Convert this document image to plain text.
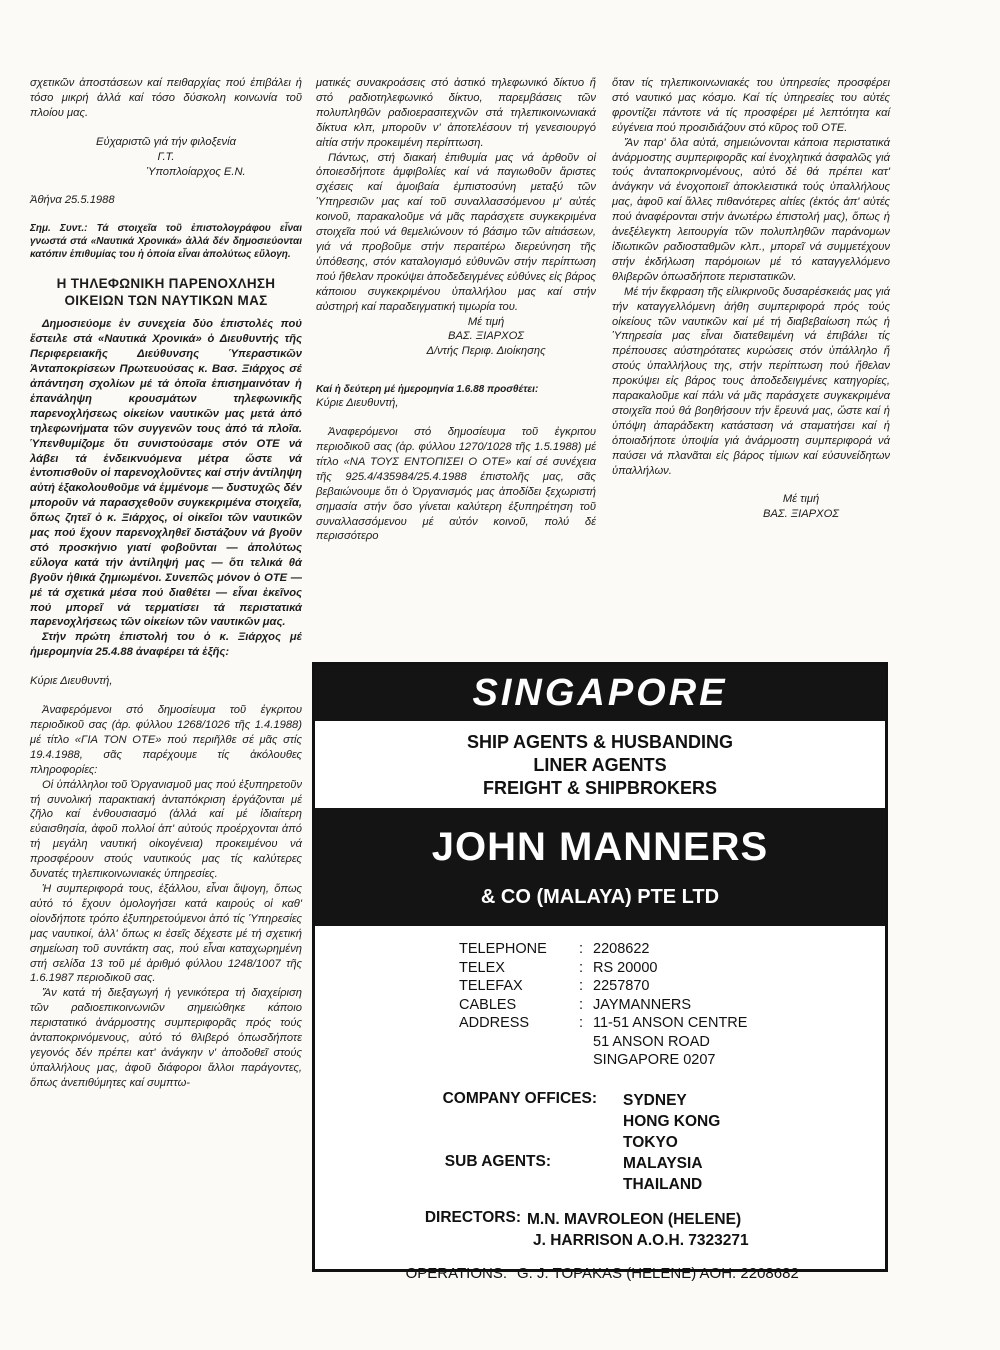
σχετικῶν ἀποστάσεων καί πειθαρχίας πού ἐπιβάλει ἡ τόσο μικρή ἀλλά καί τόσο δύσκολη κοινωνία τοῦ πλοίου μας.

Εὐχαριστῶ γιά τήν φιλοξενία

Γ.Τ.

Ὑποπλοίαρχος Ε.Ν.

Ἀθήνα 25.5.1988

Σημ. Συντ.: Τά στοιχεῖα τοῦ ἐπιστολογράφου εἶναι γνωστά στά «Ναυτικά Χρονικά» ἀλλά δέν δημοσιεύονται κατόπιν ἐπιθυμίας του ἡ ὁποία εἶναι ἀπολύτως εὔλογη.

Η ΤΗΛΕΦΩΝΙΚΗ ΠΑΡΕΝΟΧΛΗΣΗ ΟΙΚΕΙΩΝ ΤΩΝ ΝΑΥΤΙΚΩΝ ΜΑΣ

Δημοσιεύομε ἐν συνεχεία δύο ἐπιστολές πού ἔστειλε στά «Ναυτικά Χρονικά» ὁ Διευθυντής τῆς Περιφερειακῆς Διεύθυνσης Ὑπεραστικῶν Ἀνταποκρίσεων Πρωτευούσας κ. Βασ. Ξιάρχος σέ ἀπάντηση σχολίων μέ τά ὁποῖα ἐπισημαινόταν ἡ ἐπανάληψη κρουσμάτων τηλεφωνικῆς παρενοχλήσεως οἰκείων ναυτικῶν μας μετά ἀπό τηλεφωνήματα τῶν συγγενῶν τους ἀπό τά πλοῖα. Ὑπενθυμίζομε ὅτι συνιστούσαμε στόν ΟΤΕ νά λάβει τά ἐνδεικνυόμενα μέτρα ὥστε νά ἐντοπισθοῦν οἱ παρενοχλοῦντες καί στήν ἀντίληψη αὐτή ἐξακολουθοῦμε νά ἐμμένομε — δυστυχῶς δέν μποροῦν νά παρασχεθοῦν συγκεκριμένα στοιχεῖα, ὅπως ζητεῖ ὁ κ. Ξιάρχος, οἱ οἰκεῖοι τῶν ναυτικῶν μας πού ἔχουν παρενοχληθεῖ διστάζουν νά βγοῦν στό προσκήνιο γιατί φοβοῦνται — ἀπολύτως εὔλογα κατά τήν ἀντίληψή μας — ὅτι τελικά θά βγοῦν ἠθικά ζημιωμένοι. Συνεπῶς μόνον ὁ ΟΤΕ — μέ τά σχετικά μέσα πού διαθέτει — εἶναι ἐκεῖνος πού μπορεῖ νά τερματίσει τά περιστατικά παρενοχλήσεως τῶν οἰκείων τῶν ναυτικῶν μας.

Στήν πρώτη ἐπιστολή του ὁ κ. Ξιάρχος μέ ἡμερομηνία 25.4.88 ἀναφέρει τά ἑξῆς:

Κύριε Διευθυντή,

Ἀναφερόμενοι στό δημοσίευμα τοῦ ἐγκριτου περιοδικοῦ σας (ἀρ. φύλλου 1268/1026 τῆς 1.4.1988) μέ τίτλο «ΓΙΑ ΤΟΝ ΟΤΕ» πού περιῆλθε σέ μᾶς στίς 19.4.1988, σᾶς παρέχουμε τίς ἀκόλουθες πληροφορίες:

Οἱ ὑπάλληλοι τοῦ Ὀργανισμοῦ μας πού ἐξυπηρετοῦν τή συνολική παρακτιακή ἀνταπόκριση ἐργάζονται μέ ζῆλο καί ἐνθουσιασμό (ἀλλά καί μέ ἰδιαίτερη εὐαισθησία, ἀφοῦ πολλοί ἀπ' αὐτούς προέρχονται ἀπό τή μεγάλη ναυτική οἰκογένεια) προκειμένου νά προσφέρουν στούς ναυτικούς μας τίς καλύτερες δυνατές τηλεπικοινωνιακές ὑπηρεσίες.

Ἡ συμπεριφορά τους, ἐξάλλου, εἶναι ἄψογη, ὅπως αὐτό τό ἔχουν ὁμολογήσει κατά καιρούς οἱ καθ' οἱονδήποτε τρόπο ἐξυπηρετούμενοι ἀπό τίς Ὑπηρεσίες μας ναυτικοί, ἀλλ' ὅπως κι ἐσεῖς δέχεστε μέ τή σχετική σημείωση τοῦ συντάκτη σας, πού εἶναι καταχωρημένη στή σελίδα 13 τοῦ μέ ἀριθμό φύλλου 1248/1007 τῆς 1.6.1987 περιοδικοῦ σας.

Ἄν κατά τή διεξαγωγή ἡ γενικότερα τή διαχείριση τῶν ραδιοεπικοινωνιῶν σημειώθηκε κάποιο περιστατικό ἀνάρμοστης συμπεριφορᾶς πρός τούς ἀνταποκρινόμενους, αὐτό τό θλιβερό ὁπωσδήποτε γεγονός δέν πρέπει κατ' ἀνάγκην ν' ἀποδοθεῖ στούς ὑπαλλήλους μας, ἀφοῦ διάφοροι ἄλλοι παράγοντες, ὅπως ἀνεπιθύμητες καί συμπτω-

ματικές συνακροάσεις στό ἀστικό τηλεφωνικό δίκτυο ἤ στό ραδιοτηλεφωνικό δίκτυο, παρεμβάσεις τῶν πολυπληθῶν ραδιοερασιτεχνῶν στά τηλεπικοινωνιακά δίκτυα κλπ, μποροῦν ν' ἀποτελέσουν τή γενεσιουργό αἰτία στήν προκειμένη περίπτωση.

Πάντως, στή διακαή ἐπιθυμία μας νά ἀρθοῦν οἱ ὁποιεσδήποτε ἀμφιβολίες καί νά παγιωθοῦν ἄριστες σχέσεις καί ἀμοιβαία ἐμπιστοσύνη μεταξύ τῶν Ὑπηρεσιῶν μας καί τοῦ συναλλασσόμενου μ' αὐτές κοινοῦ, παρακαλοῦμε νά μᾶς παράσχετε συγκεκριμένα στοιχεῖα πού νά θεμελιώνουν τό βάσιμο τῶν αἰτιάσεων, γιά νά προβοῦμε στήν περαιτέρω διερεύνηση τῆς ὑπόθεσης, στόν καταλογισμό εὐθυνῶν στήν περίπτωση πού ἤθελαν προκύψει ἀποδεδειγμένες εὐθύνες εἰς βάρος κάποιου συγκεκριμένου ὑπαλλήλου μας καί στήν αὐστηρή καί παραδειγματική τιμωρία του.

Μέ τιμή

ΒΑΣ. ΞΙΑΡΧΟΣ

Δ/ντής Περιφ. Διοίκησης

Καί ἡ δεύτερη μέ ἡμερομηνία 1.6.88 προσθέτει:

Κύριε Διευθυντή,

Ἀναφερόμενοι στό δημοσίευμα τοῦ ἐγκριτου περιοδικοῦ σας (ἀρ. φύλλου 1270/1028 τῆς 1.5.1988) μέ τίτλο «ΝΑ ΤΟΥΣ ΕΝΤΟΠΙΣΕΙ Ο ΟΤΕ» καί σέ συνέχεια τῆς 925.4/435984/25.4.1988 ἐπιστολῆς μας, σᾶς βεβαιώνουμε ὅτι ὁ Ὀργανισμός μας ἀποδίδει ξεχωριστή σημασία στήν ὅσο γίνεται καλύτερη ἐξυπηρέτηση τοῦ συναλλασσόμενου μέ αὐτόν κοινοῦ, πολύ δέ περισσότερο

ὅταν τίς τηλεπικοινωνιακές του ὑπηρεσίες προσφέρει στό ναυτικό μας κόσμο. Καί τίς ὑπηρεσίες του αὐτές φροντίζει πάντοτε νά τίς προσφέρει μέ λεπτότητα καί εὐγένεια πού προσιδιάζουν στό κῦρος τοῦ ΟΤΕ.

Ἄν παρ' ὅλα αὐτά, σημειώνονται κάποια περιστατικά ἀνάρμοστης συμπεριφορᾶς καί ἐνοχλητικά ἀσφαλῶς γιά τούς ἀνταποκρινομένους, αὐτό δέ θά πρέπει κατ' ἀνάγκην νά ἐνοχοποιεῖ ἀποκλειστικά τούς ὑπαλλήλους μας, ἀφοῦ καί ἄλλες πιθανότερες αἰτίες (ἐκτός ἀπ' αὐτές πού ἀναφέρονται στήν ἀνωτέρω ἐπιστολή μας), ὅπως ἡ ἀνεξέλεγκτη λειτουργία τῶν πολυπληθῶν παράνομων ἰδιωτικῶν ραδιοσταθμῶν κλπ., μπορεῖ νά συμμετέχουν στήν ἐκδήλωση παρόμοιων μέ τό καταγγελλόμενο θλιβερῶν ὁπωσδήποτε περιστατικῶν.

Μέ τήν ἔκφραση τῆς εἰλικρινοῦς δυσαρέσκειάς μας γιά τήν καταγγελλόμενη ἀήθη συμπεριφορά πρός τούς οἰκείους τῶν ναυτικῶν καί μέ τή διαβεβαίωση πώς ἡ Ὑπηρεσία μας εἶναι διατεθειμένη νά ἐπιβάλει τίς πρέπουσες αὐστηρότατες κυρώσεις στόν ὑπάλληλο ἤ στούς ὑπαλλήλους της, στήν περίπτωση πού ἤθελαν προκύψει εἰς βάρος τους ἀποδεδειγμένες κατηγορίες, παρακαλοῦμε καί πάλι νά μᾶς παράσχετε συγκεκριμένα στοιχεῖα πού θά βοηθήσουν τήν ἔρευνά μας, ὥστε καί ἡ ὑπόψη ἀπαράδεκτη κατάσταση νά σταματήσει καί ἡ ὁποιαδήποτε ὑποψία γιά ἀνάρμοστη συμπεριφορά νά παύσει νά πλανᾶται εἰς βάρος τίμιων καί εὐσυνείδητων ὑπαλλήλων.

Μέ τιμή

ΒΑΣ. ΞΙΑΡΧΟΣ

SINGAPORE
SHIP AGENTS & HUSBANDING
LINER AGENTS
FREIGHT & SHIPBROKERS
JOHN MANNERS
& CO (MALAYA) PTE LTD
TELEPHONE	: 2208622
TELEX	: RS 20000
TELEFAX	: 2257870
CABLES	: JAYMANNERS
ADDRESS	: 11-51 ANSON CENTRE
51 ANSON ROAD
SINGAPORE 0207
COMPANY OFFICES:	SYDNEY
HONG KONG
TOKYO
SUB AGENTS:	MALAYSIA
THAILAND
DIRECTORS: M.N. MAVROLEON (HELENE)
J. HARRISON A.O.H. 7323271
OPERATIONS: G. J. TOPAKAS (HELENE) AOH. 2208682
